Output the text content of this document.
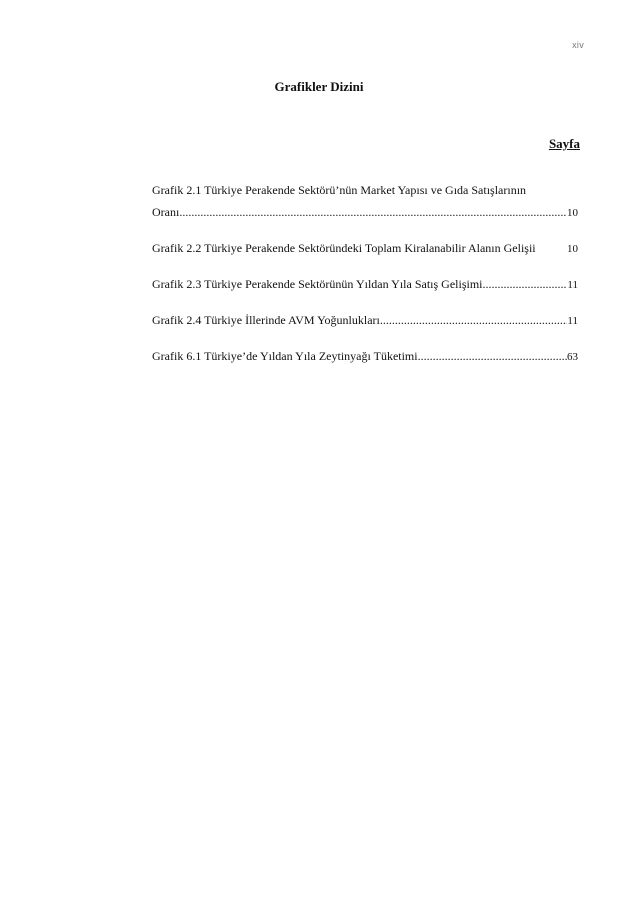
xiv
Grafikler Dizini
Sayfa
Grafik 2.1 Türkiye Perakende Sektörü’nün Market Yapısı ve Gıda Satışlarının
Oranı .....	10
Grafik 2.2 Türkiye Perakende Sektöründeki Toplam Kiralanabilir Alanın Gelişii	10
Grafik 2.3 Türkiye Perakende Sektörünün Yıldan Yıla Satış Gelişimi .....	11
Grafik 2.4 Türkiye İllerinde AVM Yoğunlukları .....	11
Grafik 6.1 Türkiye’de Yıldan Yıla Zeytinyağı Tüketimi .....	63
